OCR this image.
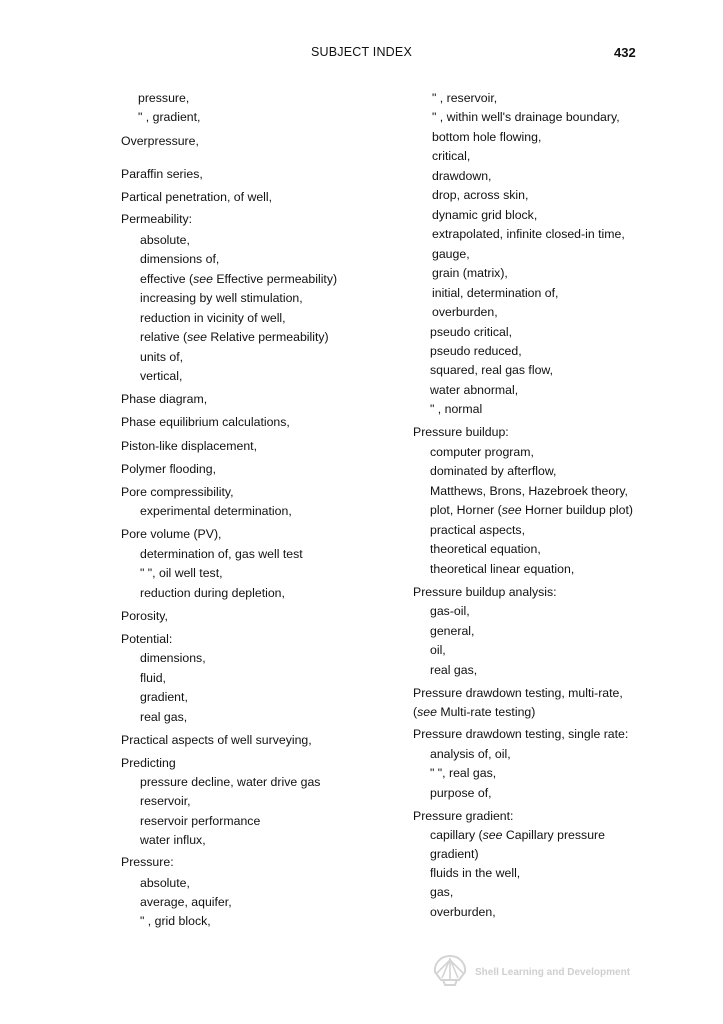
SUBJECT INDEX	432
pressure,
" , gradient,
Overpressure,
Paraffin series,
Partical penetration, of well,
Permeability:
absolute,
dimensions of,
effective (see Effective permeability)
increasing by well stimulation,
reduction in vicinity of well,
relative (see Relative permeability)
units of,
vertical,
Phase diagram,
Phase equilibrium calculations,
Piston-like displacement,
Polymer flooding,
Pore compressibility,
experimental determination,
Pore volume (PV),
determination of, gas well test
" ", oil well test,
reduction during depletion,
Porosity,
Potential:
dimensions,
fluid,
gradient,
real gas,
Practical aspects of well surveying,
Predicting
pressure decline, water drive gas
reservoir,
reservoir performance
water influx,
Pressure:
absolute,
average, aquifer,
" , grid block,
" , reservoir,
" , within well's drainage boundary,
bottom hole flowing,
critical,
drawdown,
drop, across skin,
dynamic grid block,
extrapolated, infinite closed-in time,
gauge,
grain (matrix),
initial, determination of,
overburden,
pseudo critical,
pseudo reduced,
squared, real gas flow,
water abnormal,
" , normal
Pressure buildup:
computer program,
dominated by afterflow,
Matthews, Brons, Hazebroek theory,
plot, Horner (see Horner buildup plot)
practical aspects,
theoretical equation,
theoretical linear equation,
Pressure buildup analysis:
gas-oil,
general,
oil,
real gas,
Pressure drawdown testing, multi-rate,
(see Multi-rate testing)
Pressure drawdown testing, single rate:
analysis of, oil,
" ", real gas,
purpose of,
Pressure gradient:
capillary (see Capillary pressure
gradient)
fluids in the well,
gas,
overburden,
Shell Learning and Development
